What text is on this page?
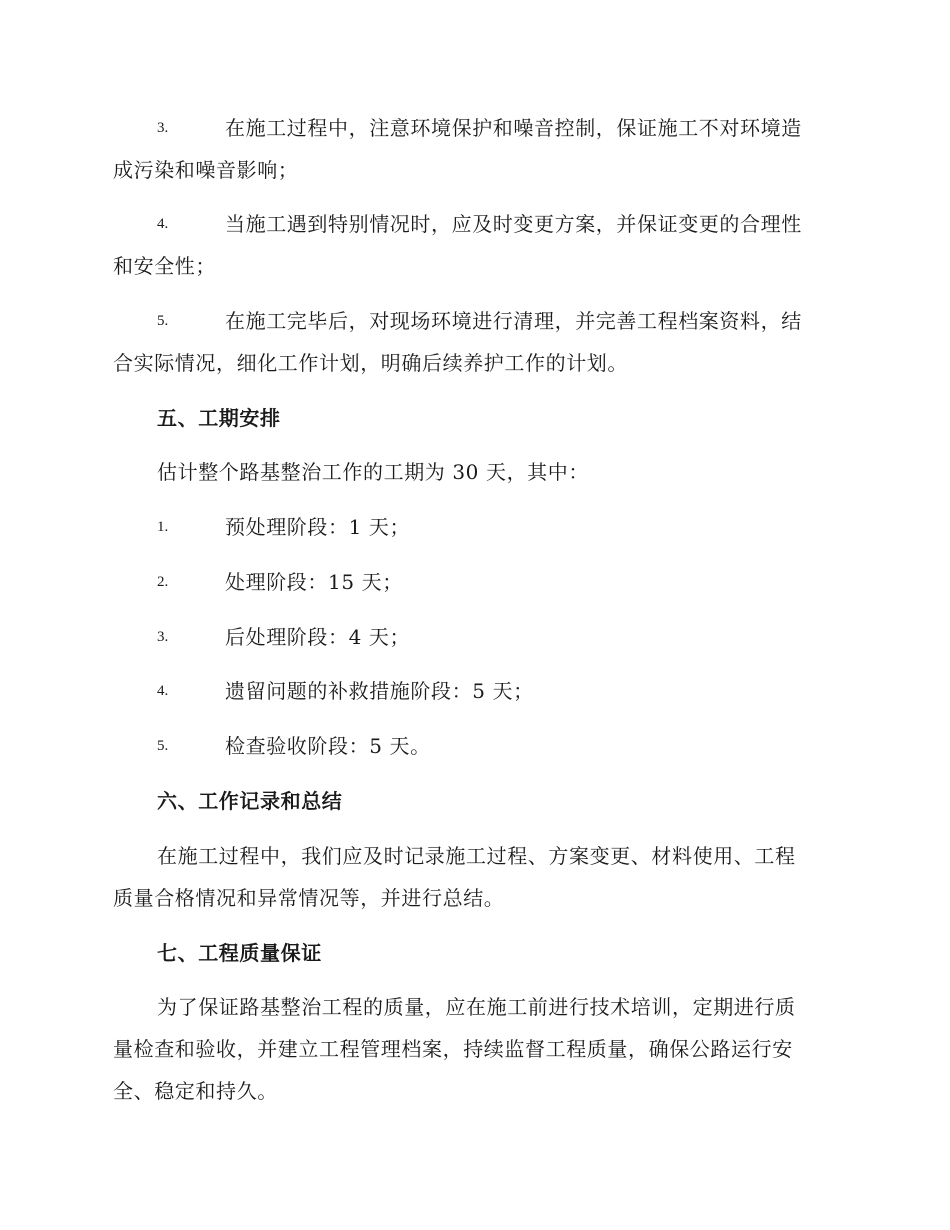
3.	在施工过程中，注意环境保护和噪音控制，保证施工不对环境造
成污染和噪音影响；
4.	当施工遇到特别情况时，应及时变更方案，并保证变更的合理性
和安全性；
5.	在施工完毕后，对现场环境进行清理，并完善工程档案资料，结
合实际情况，细化工作计划，明确后续养护工作的计划。
五、工期安排
估计整个路基整治工作的工期为 30 天，其中：
1.	预处理阶段：1 天；
2.	处理阶段：15 天；
3.	后处理阶段：4 天；
4.	遗留问题的补救措施阶段：5 天；
5.	检查验收阶段：5 天。
六、工作记录和总结
在施工过程中，我们应及时记录施工过程、方案变更、材料使用、工程
质量合格情况和异常情况等，并进行总结。
七、工程质量保证
为了保证路基整治工程的质量，应在施工前进行技术培训，定期进行质
量检查和验收，并建立工程管理档案，持续监督工程质量，确保公路运行安
全、稳定和持久。
